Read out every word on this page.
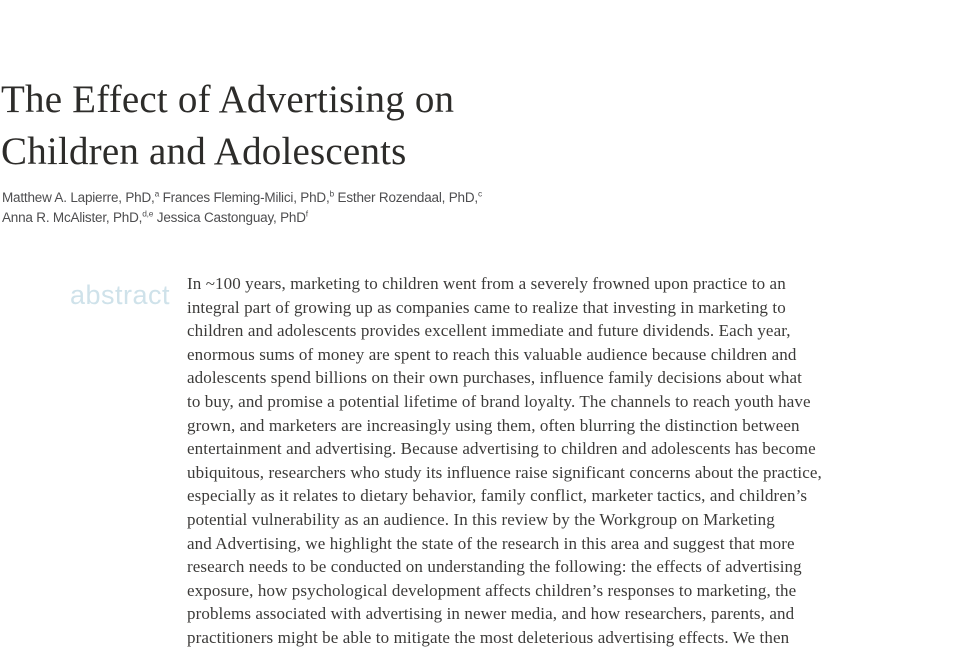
The Effect of Advertising on
Children and Adolescents
Matthew A. Lapierre, PhD,$^a$ Frances Fleming-Milici, PhD,$^b$ Esther Rozendaal, PhD,$^c$
Anna R. McAlister, PhD,$^{d,e}$ Jessica Castonguay, PhD$^f$
abstract In ~100 years, marketing to children went from a severely frowned upon practice to an
integral part of growing up as companies came to realize that investing in marketing to
children and adolescents provides excellent immediate and future dividends. Each year,
enormous sums of money are spent to reach this valuable audience because children and
adolescents spend billions on their own purchases, influence family decisions about what
to buy, and promise a potential lifetime of brand loyalty. The channels to reach youth have
grown, and marketers are increasingly using them, often blurring the distinction between
entertainment and advertising. Because advertising to children and adolescents has become
ubiquitous, researchers who study its influence raise significant concerns about the practice,
especially as it relates to dietary behavior, family conflict, marketer tactics, and children’s
potential vulnerability as an audience. In this review by the Workgroup on Marketing
and Advertising, we highlight the state of the research in this area and suggest that more
research needs to be conducted on understanding the following: the effects of advertising
exposure, how psychological development affects children’s responses to marketing, the
problems associated with advertising in newer media, and how researchers, parents, and
practitioners might be able to mitigate the most deleterious advertising effects. We then
